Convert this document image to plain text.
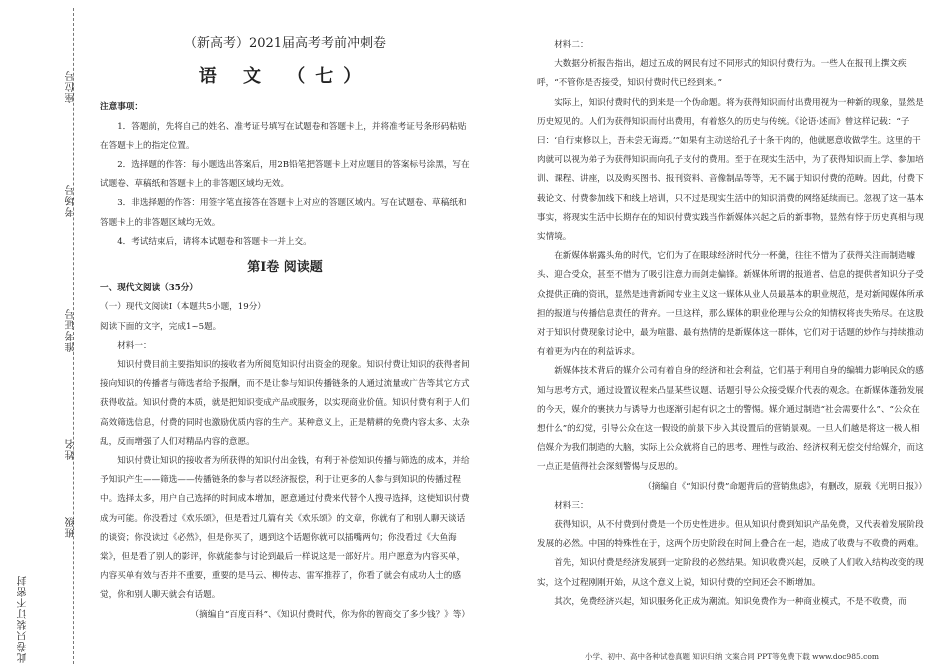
座位号
考场号
准考证号
姓名
班级
此卷只装订不密封
（新高考）2021届高考考前冲刺卷
语 文 （七）

注意事项：

1．答题前，先将自己的姓名、准考证号填写在试题卷和答题卡上，并将准考证号条形码粘贴在答题卡上的指定位置。

2．选择题的作答：每小题选出答案后，用2B铅笔把答题卡上对应题目的答案标号涂黑，写在试题卷、草稿纸和答题卡上的非答题区域均无效。

3．非选择题的作答：用签字笔直接答在答题卡上对应的答题区域内。写在试题卷、草稿纸和答题卡上的非答题区域均无效。

4．考试结束后，请将本试题卷和答题卡一并上交。

第Ⅰ卷 阅读题

一、现代文阅读（35分）

（一）现代文阅读Ⅰ（本题共5小题，19分）

阅读下面的文字，完成1~5题。

材料一：

知识付费目前主要指知识的接收者为所阅览知识付出资金的现象。知识付费让知识的获得者间接向知识的传播者与筛选者给予报酬，而不是让参与知识传播链条的人通过流量或广告等其它方式获得收益。知识付费的本质，就是把知识变成产品或服务，以实现商业价值。知识付费有利于人们高效筛选信息，付费的同时也激励优质内容的生产。某种意义上，正是精耕的免费内容太多、太杂乱，反而增强了人们对精品内容的意愿。

知识付费让知识的接收者为所获得的知识付出金钱，有利于补偿知识传播与筛选的成本，并给予知识产生——筛选——传播链条的参与者以经济报偿，利于让更多的人参与到知识的传播过程中。选择太多，用户自己选择的时间成本增加，愿意通过付费来代替个人搜寻选择，这使知识付费成为可能。你没看过《欢乐颂》，但是看过几篇有关《欢乐颂》的文章，你就有了和别人聊天谈话的谈资；你没读过《必然》，但是你买了，遇到这个话题你就可以插嘴两句；你没看过《大鱼海棠》，但是看了别人的影评，你就能参与讨论到最后一样说这是一部好片。用户愿意为内容买单，内容买单有效与否并不重要，重要的是马云、柳传志、雷军推荐了，你看了就会有成功人士的感觉，你和别人聊天就会有话题。

（摘编自“百度百科”、《知识付费时代，你为你的智商交了多少钱？》等）

材料二：

大数据分析报告指出，超过五成的网民有过不同形式的知识付费行为。一些人在报刊上撰文疾呼，“不管你是否接受，知识付费时代已经到来。”

实际上，知识付费时代的到来是一个伪命题。将为获得知识而付出费用视为一种新的现象，显然是历史短见的。人们为获得知识而付出费用，有着悠久的历史与传统。《论语·述而》曾这样记载：“子曰：‘自行束修以上，吾未尝无诲焉。’”如果有主动送给孔子十条干肉的，他就愿意收做学生。这里的干肉就可以视为弟子为获得知识而向孔子支付的费用。至于在现实生活中，为了获得知识而上学、参加培训、课程、讲座，以及购买图书、报刊资料、音像制品等等，无不属于知识付费的范畴。因此，付费下载论文、付费参加线下和线上培训，只不过是现实生活中的知识消费的网络延续而已。忽视了这一基本事实，将现实生活中长期存在的知识付费实践当作新媒体兴起之后的新事物，显然有悖于历史真相与现实情境。

在新媒体崭露头角的时代，它们为了在眼球经济时代分一杯羹，往往不惜为了获得关注而制造噱头、迎合受众，甚至不惜为了吸引注意力而剑走偏锋。新媒体所谓的报道者、信息的提供者知识分子受众提供正确的资讯，显然是违背新闻专业主义这一媒体从业人员最基本的职业规范，是对新闻媒体所承担的报道与传播信息责任的背弃。一旦这样，那么媒体的职业伦理与公众的知情权将丧失殆尽。在这股对于知识付费现象讨论中，最为喧嚣、最有热情的是新媒体这一群体，它们对于话题的炒作与持续推动有着更为内在的利益诉求。

新媒体技术背后的媒介公司有着自身的经济和社会利益，它们基于利用自身的编辑力影响民众的感知与思考方式，通过设置议程来凸显某些议题、话题引导公众接受媒介代表的观念。在新媒体蓬勃发展的今天，媒介的裹挟力与诱导力也逐渐引起有识之士的警惕。媒介通过制造“社会需要什么”、“公众在想什么”的幻觉，引导公众在这一假设的前景下步入其设置后的营销景观。一旦人们越是将这一极人相信媒介为我们制造的大脑，实际上公众就将自己的思考、理性与政治、经济权利无偿交付给媒介，而这一点正是值得社会深刻警惕与反思的。

（摘编自《“知识付费”命题背后的营销焦虑》，有删改，原载《光明日报》）

材料三：

获得知识，从不付费到付费是一个历史性进步。但从知识付费到知识产品免费，又代表着发展阶段发展的必然。中国的特殊性在于，这两个历史阶段在时间上叠合在一起，造成了收费与不收费的两难。

首先，知识付费是经济发展到一定阶段的必然结果。知识收费兴起，反映了人们收入结构改变的现实，这个过程刚刚开始，从这个意义上说，知识付费的空间还会不断增加。

其次，免费经济兴起，知识服务化正成为潮流。知识免费作为一种商业模式，不是不收费，而

小学、初中、高中各种试卷真题 知识归纳 文案合同 PPT等免费下载 www.doc985.com
